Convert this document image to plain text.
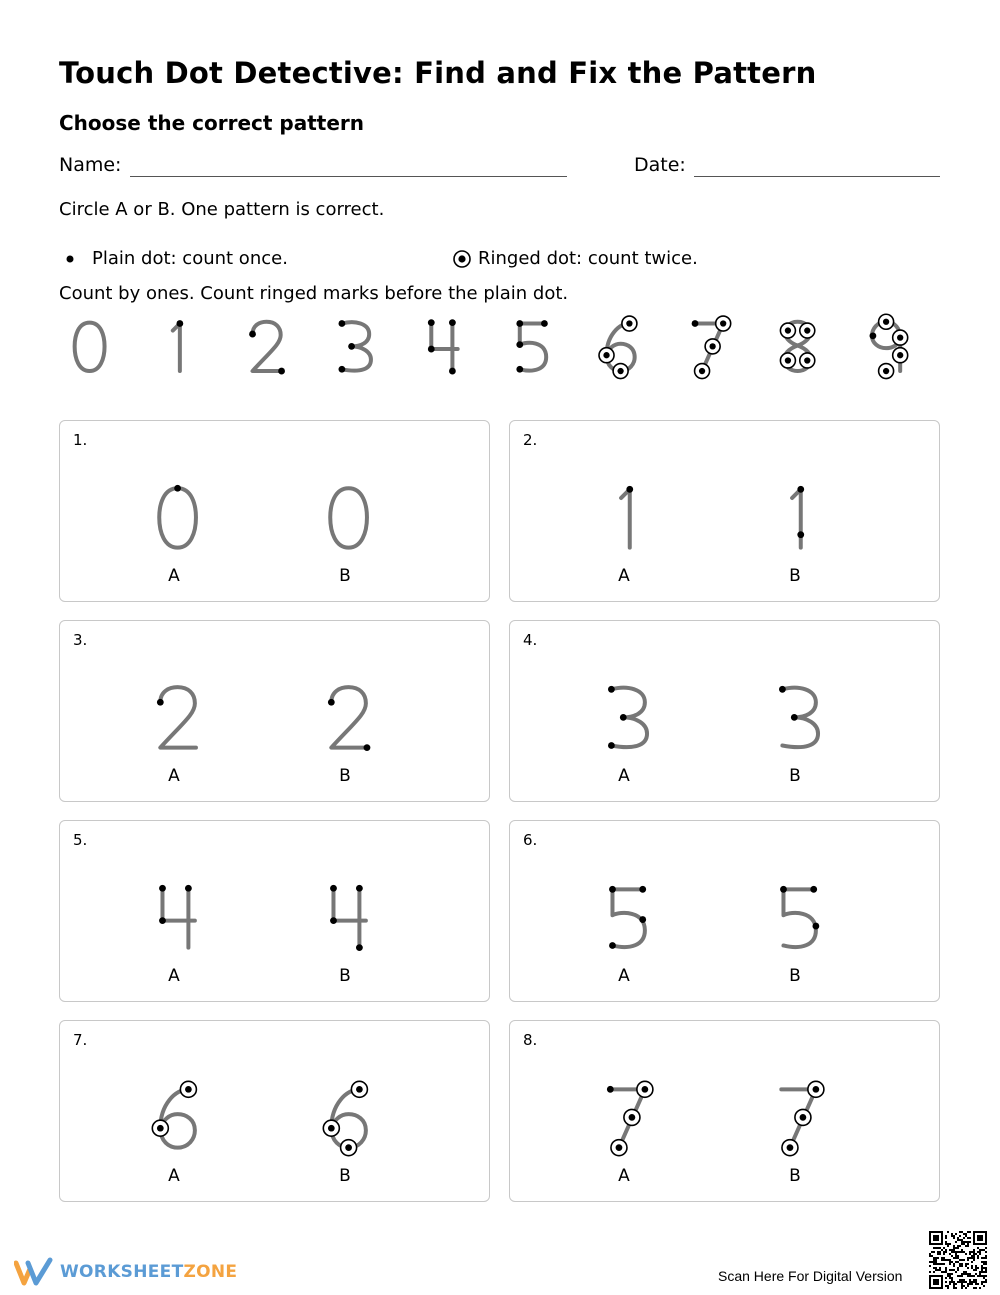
Touch Dot Detective: Find and Fix the Pattern
Choose the correct pattern
Name:	Date:
Circle A or B. One pattern is correct.
Plain dot: count once.	Ringed dot: count twice.
Count by ones. Count ringed marks before the plain dot.
1.
A	B
2.
A	B
3.
A	B
4.
A	B
5.
A	B
6.
A	B
7.
A	B
8.
A	B
WORKSHEETZONE	Scan Here For Digital Version
